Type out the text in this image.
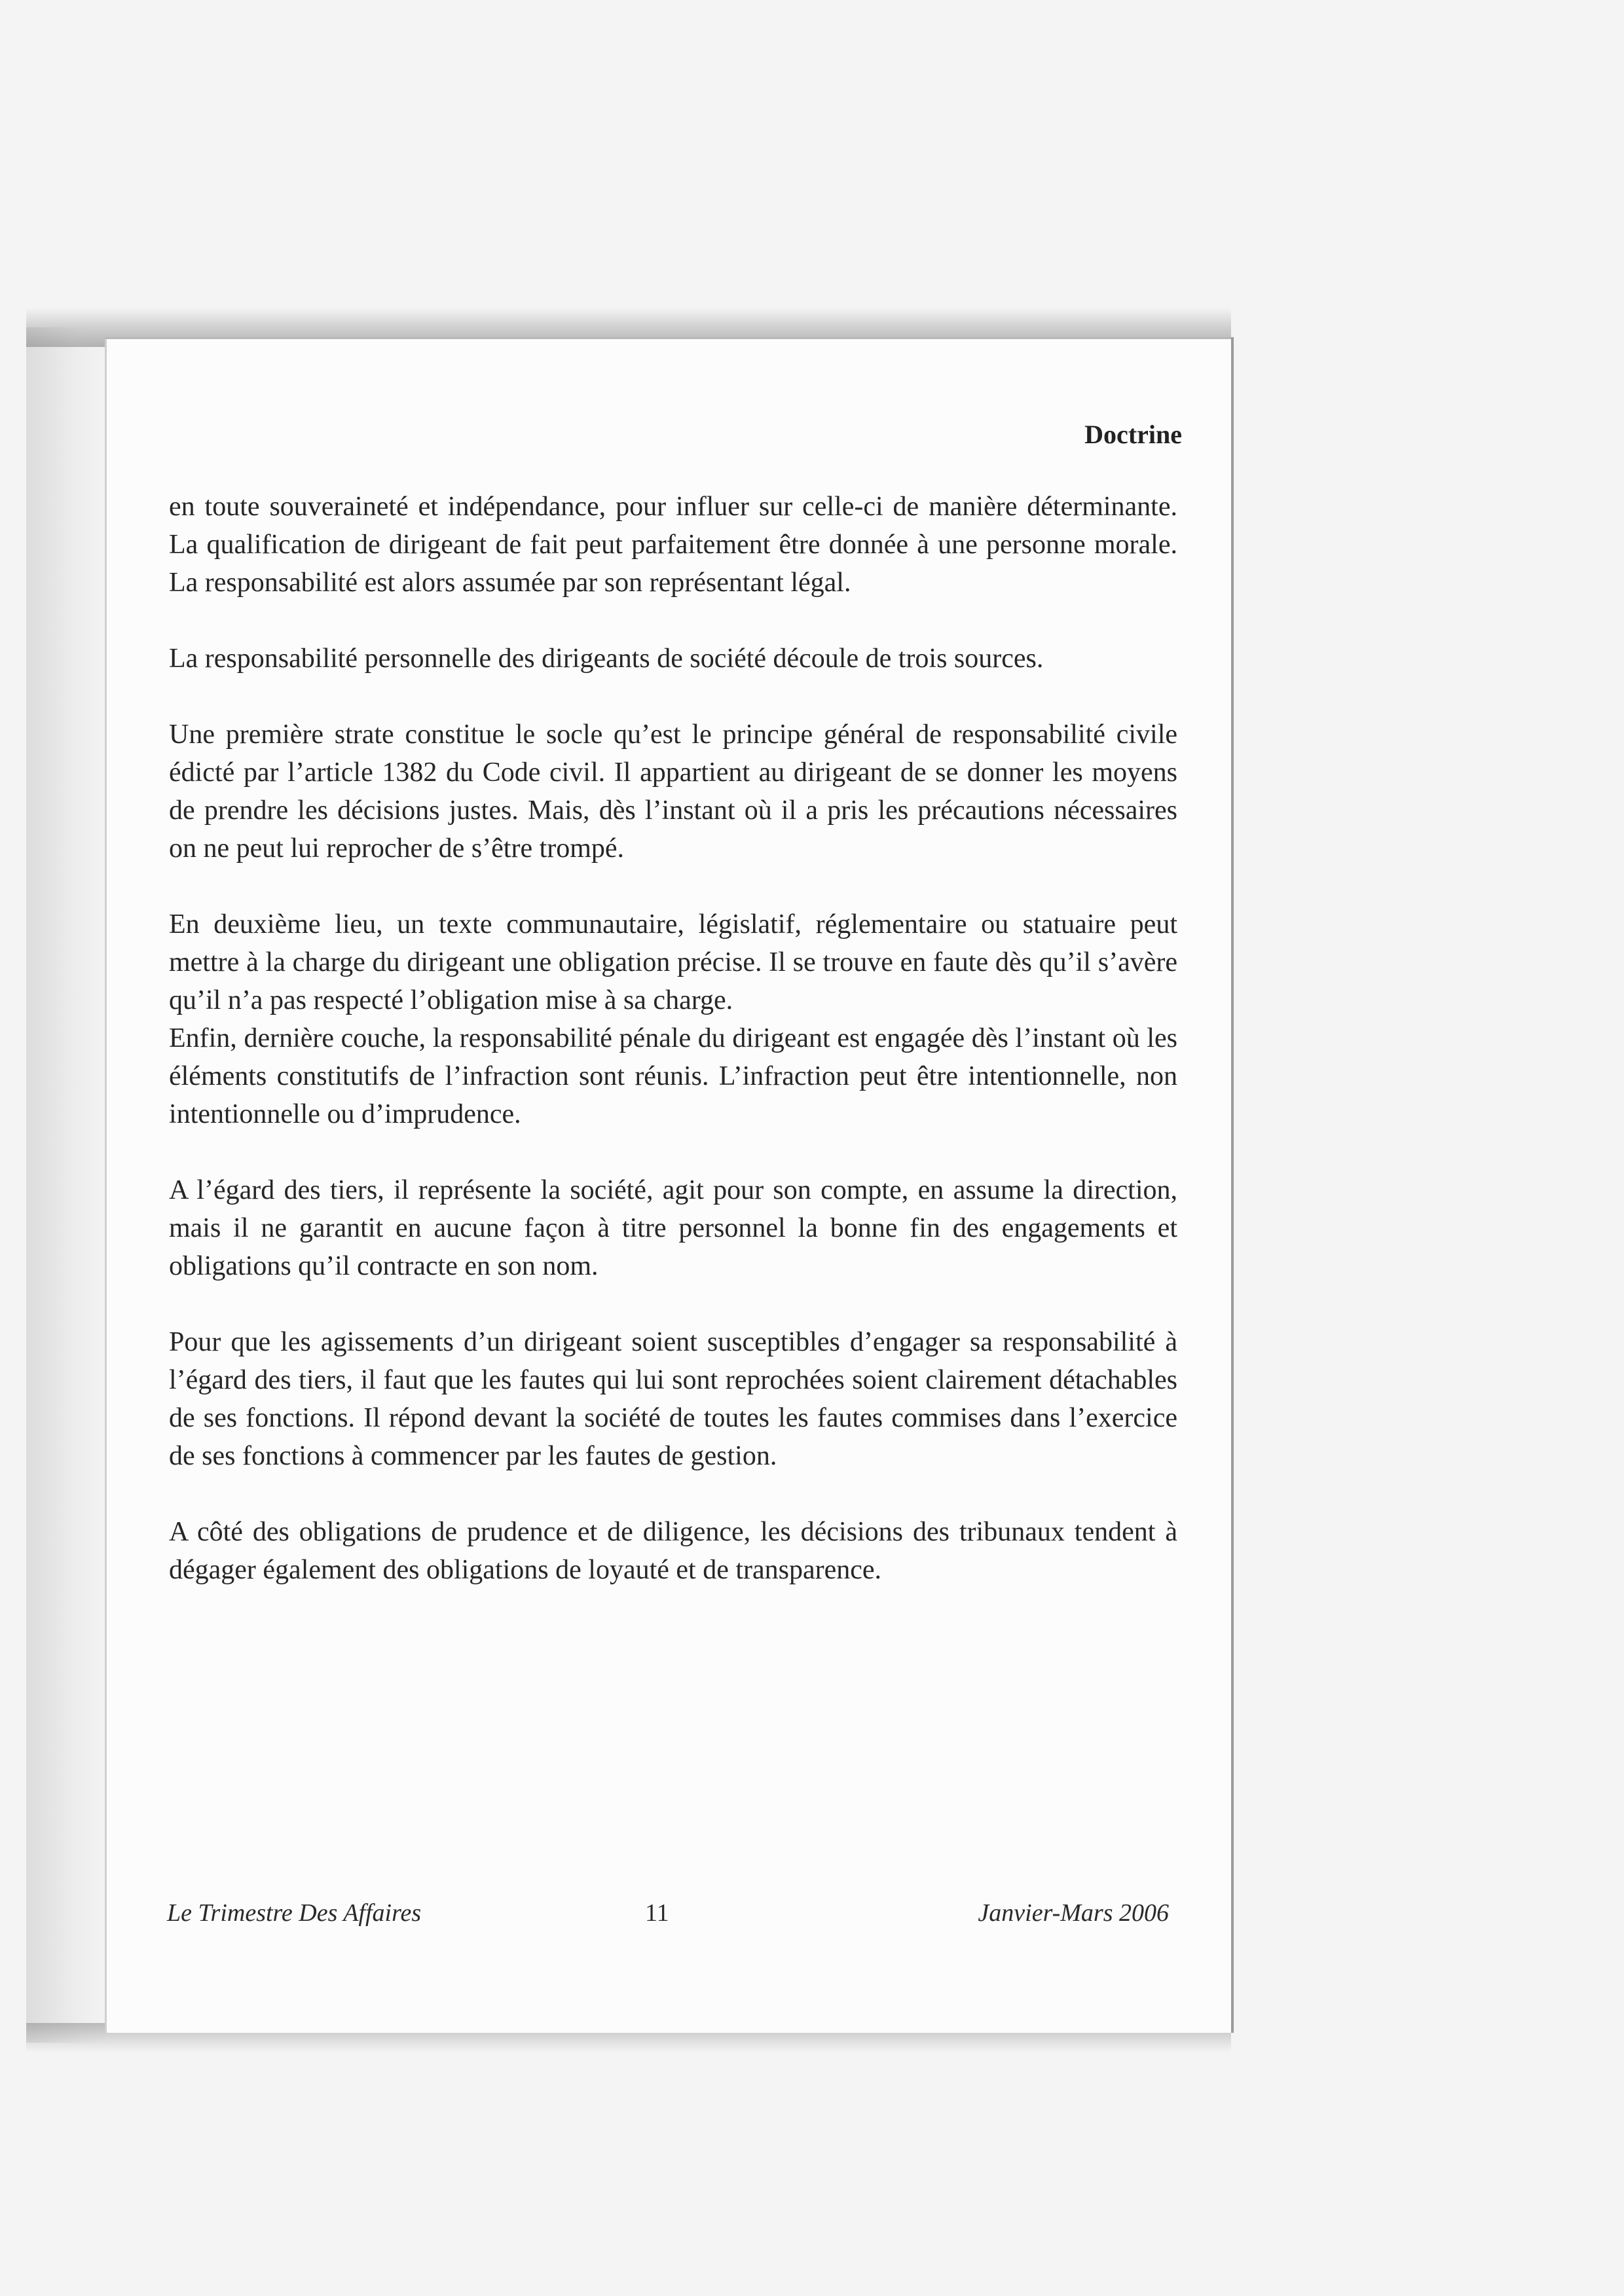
Doctrine

en toute souveraineté et indépendance, pour influer sur celle-ci de manière déterminante. La qualification de dirigeant de fait peut parfaitement être donnée à une personne morale. La responsabilité est alors assumée par son représentant légal.

La responsabilité personnelle des dirigeants de société découle de trois sources.

Une première strate constitue le socle qu’est le principe général de responsabilité civile édicté par l’article 1382 du Code civil. Il appartient au dirigeant de se donner les moyens de prendre les décisions justes. Mais, dès l’instant où il a pris les précautions nécessaires on ne peut lui reprocher de s’être trompé.

En deuxième lieu, un texte communautaire, législatif, réglementaire ou statuaire peut mettre à la charge du dirigeant une obligation précise. Il se trouve en faute dès qu’il s’avère qu’il n’a pas respecté l’obligation mise à sa charge.

Enfin, dernière couche, la responsabilité pénale du dirigeant est engagée dès l’instant où les éléments constitutifs de l’infraction sont réunis. L’infraction peut être intentionnelle, non intentionnelle ou d’imprudence.

A l’égard des tiers, il représente la société, agit pour son compte, en assume la direction, mais il ne garantit en aucune façon à titre personnel la bonne fin des engagements et obligations qu’il contracte en son nom.

Pour que les agissements d’un dirigeant soient susceptibles d’engager sa responsabilité à l’égard des tiers, il faut que les fautes qui lui sont reprochées soient clairement détachables de ses fonctions. Il répond devant la société de toutes les fautes commises dans l’exercice de ses fonctions à commencer par les fautes de gestion.

A côté des obligations de prudence et de diligence, les décisions des tribunaux tendent à dégager également des obligations de loyauté et de transparence.

Le Trimestre Des Affaires	11	Janvier-Mars 2006
